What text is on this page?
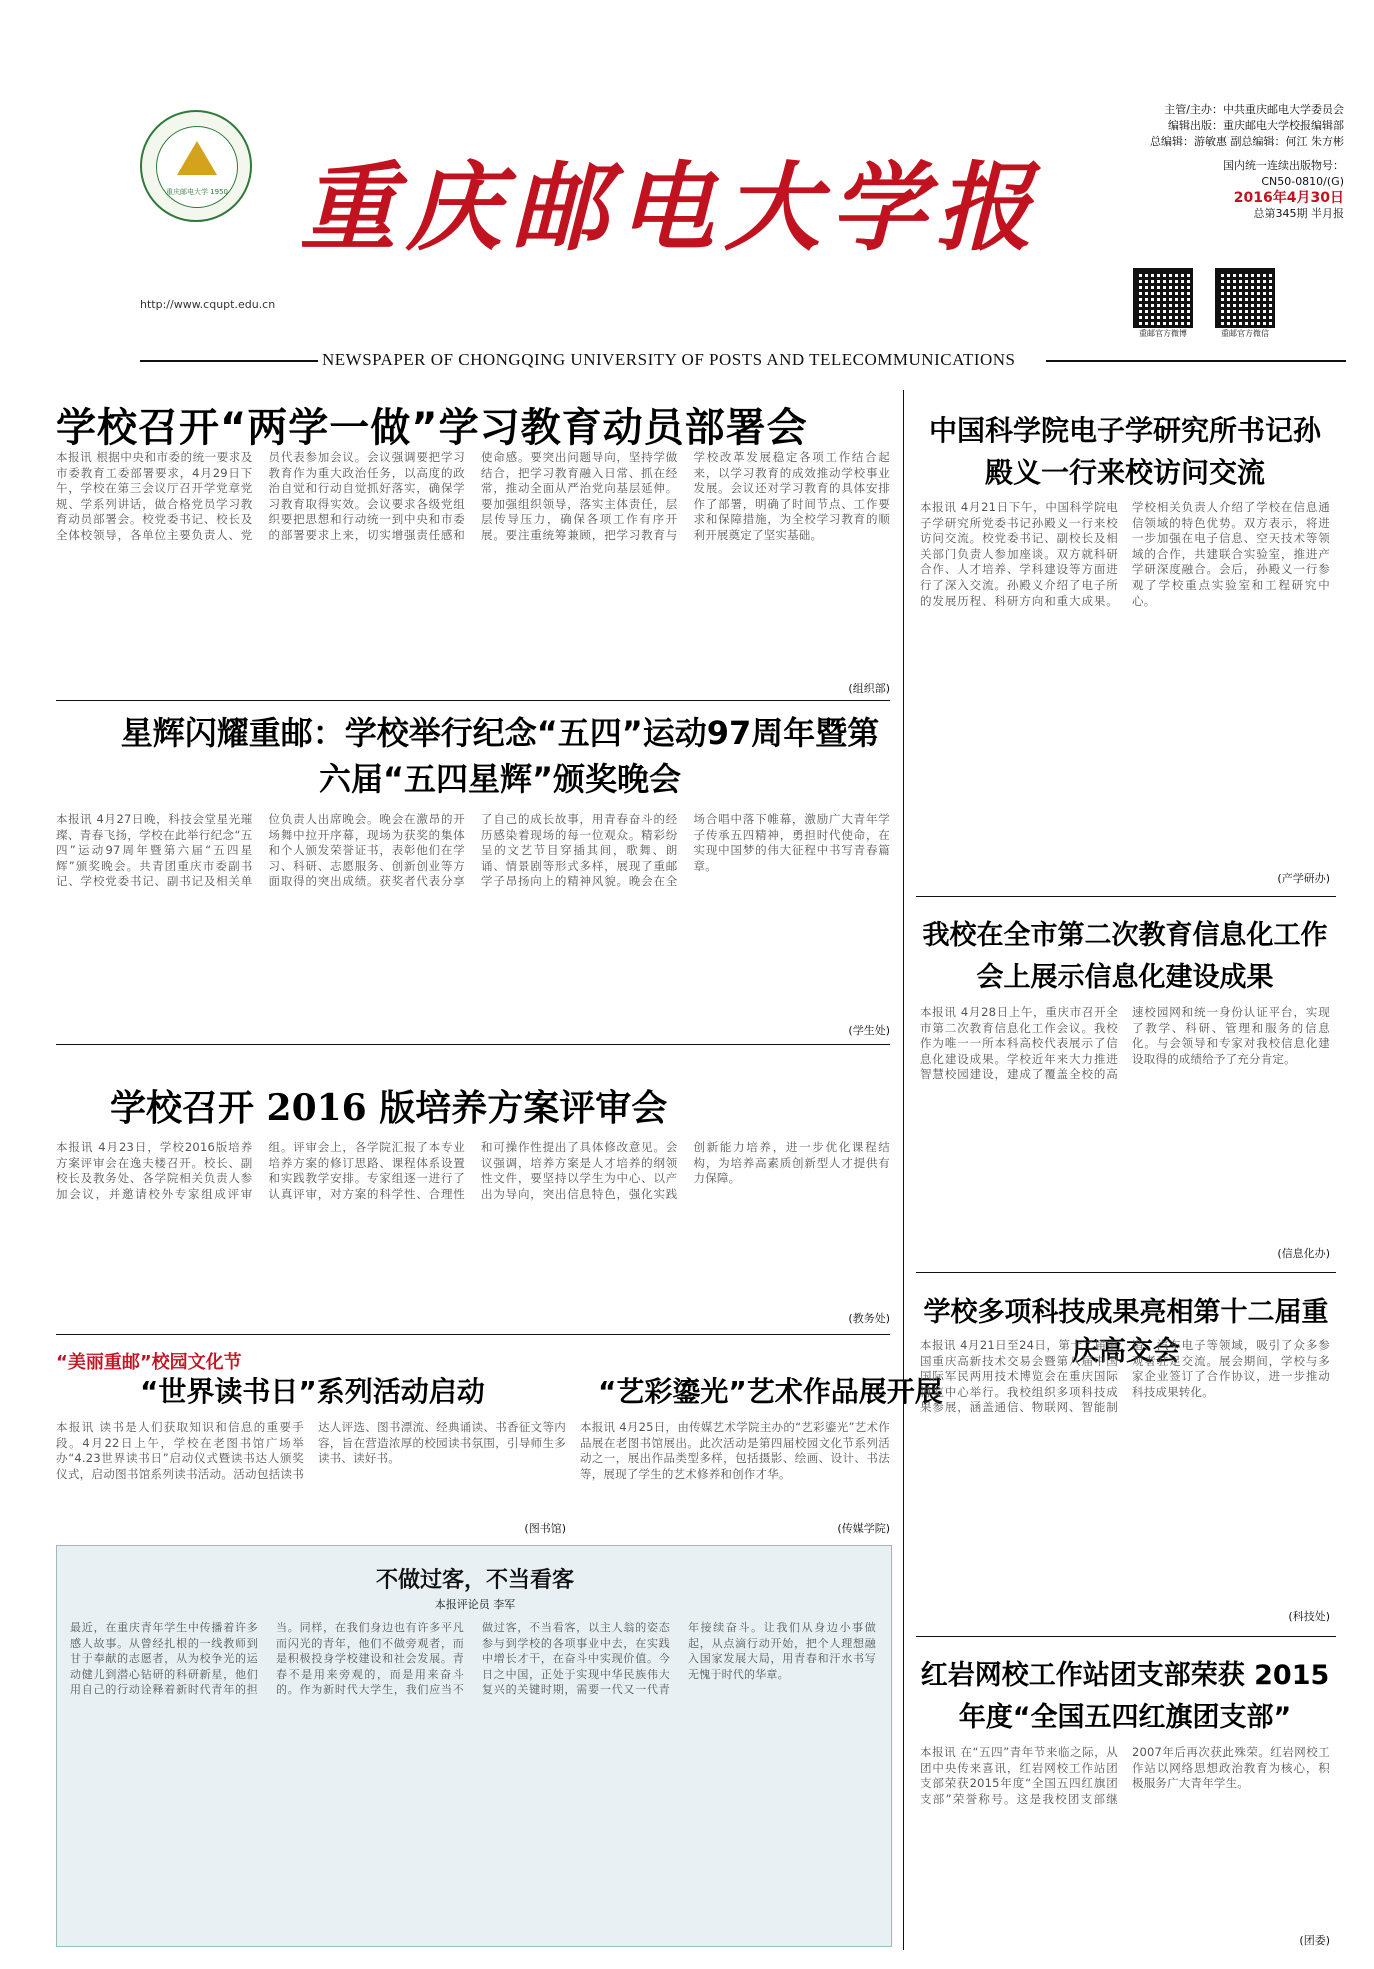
重庆邮电大学 1950 重庆邮电大学报
http://www.cqupt.edu.cn
主管/主办：中共重庆邮电大学委员会
编辑出版：重庆邮电大学校报编辑部
总编辑：游敏惠 副总编辑：何江 朱方彬
国内统一连续出版物号：
CN50-0810/(G)
2016年4月30日
总第345期 半月报
重邮官方微博	重邮官方微信
NEWSPAPER OF CHONGQING UNIVERSITY OF POSTS AND TELECOMMUNICATIONS
学校召开“两学一做”学习教育动员部署会
本报讯 根据中央和市委的统一要求及市委教育工委部署要求，4月29日下午，学校在第三会议厅召开学党章党规、学系列讲话，做合格党员学习教育动员部署会。校党委书记、校长及全体校领导，各单位主要负责人、党员代表参加会议。会议强调要把学习教育作为重大政治任务，以高度的政治自觉和行动自觉抓好落实，确保学习教育取得实效。会议要求各级党组织要把思想和行动统一到中央和市委的部署要求上来，切实增强责任感和使命感。要突出问题导向，坚持学做结合，把学习教育融入日常、抓在经常，推动全面从严治党向基层延伸。要加强组织领导，落实主体责任，层层传导压力，确保各项工作有序开展。要注重统筹兼顾，把学习教育与学校改革发展稳定各项工作结合起来，以学习教育的成效推动学校事业发展。会议还对学习教育的具体安排作了部署，明确了时间节点、工作要求和保障措施，为全校学习教育的顺利开展奠定了坚实基础。
(组织部)
星辉闪耀重邮：学校举行纪念“五四”运动97周年暨第六届“五四星辉”颁奖晚会
本报讯 4月27日晚，科技会堂星光璀璨、青春飞扬，学校在此举行纪念“五四”运动97周年暨第六届“五四星辉”颁奖晚会。共青团重庆市委副书记、学校党委书记、副书记及相关单位负责人出席晚会。晚会在激昂的开场舞中拉开序幕，现场为获奖的集体和个人颁发荣誉证书，表彰他们在学习、科研、志愿服务、创新创业等方面取得的突出成绩。获奖者代表分享了自己的成长故事，用青春奋斗的经历感染着现场的每一位观众。精彩纷呈的文艺节目穿插其间，歌舞、朗诵、情景剧等形式多样，展现了重邮学子昂扬向上的精神风貌。晚会在全场合唱中落下帷幕，激励广大青年学子传承五四精神，勇担时代使命，在实现中国梦的伟大征程中书写青春篇章。
(学生处)
学校召开 2016 版培养方案评审会
本报讯 4月23日，学校2016版培养方案评审会在逸夫楼召开。校长、副校长及教务处、各学院相关负责人参加会议，并邀请校外专家组成评审组。评审会上，各学院汇报了本专业培养方案的修订思路、课程体系设置和实践教学安排。专家组逐一进行了认真评审，对方案的科学性、合理性和可操作性提出了具体修改意见。会议强调，培养方案是人才培养的纲领性文件，要坚持以学生为中心、以产出为导向，突出信息特色，强化实践创新能力培养，进一步优化课程结构，为培养高素质创新型人才提供有力保障。
(教务处)
“美丽重邮”校园文化节
“世界读书日”系列活动启动	“艺彩鎏光”艺术作品展开展
本报讯 读书是人们获取知识和信息的重要手段。4月22日上午，学校在老图书馆广场举办“4.23世界读书日”启动仪式暨读书达人颁奖仪式，启动图书馆系列读书活动。活动包括读书达人评选、图书漂流、经典诵读、书香征文等内容，旨在营造浓厚的校园读书氛围，引导师生多读书、读好书。
(图书馆)
本报讯 4月25日，由传媒艺术学院主办的“艺彩鎏光”艺术作品展在老图书馆展出。此次活动是第四届校园文化节系列活动之一，展出作品类型多样，包括摄影、绘画、设计、书法等，展现了学生的艺术修养和创作才华。
(传媒学院)
不做过客，不当看客
本报评论员 李军
最近，在重庆青年学生中传播着许多感人故事。从曾经扎根的一线教师到甘于奉献的志愿者，从为校争光的运动健儿到潜心钻研的科研新星，他们用自己的行动诠释着新时代青年的担当。同样，在我们身边也有许多平凡而闪光的青年，他们不做旁观者，而是积极投身学校建设和社会发展。青春不是用来旁观的，而是用来奋斗的。作为新时代大学生，我们应当不做过客，不当看客，以主人翁的姿态参与到学校的各项事业中去，在实践中增长才干，在奋斗中实现价值。今日之中国，正处于实现中华民族伟大复兴的关键时期，需要一代又一代青年接续奋斗。让我们从身边小事做起，从点滴行动开始，把个人理想融入国家发展大局，用青春和汗水书写无愧于时代的华章。
中国科学院电子学研究所书记孙殿义一行来校访问交流
本报讯 4月21日下午，中国科学院电子学研究所党委书记孙殿义一行来校访问交流。校党委书记、副校长及相关部门负责人参加座谈。双方就科研合作、人才培养、学科建设等方面进行了深入交流。孙殿义介绍了电子所的发展历程、科研方向和重大成果。学校相关负责人介绍了学校在信息通信领域的特色优势。双方表示，将进一步加强在电子信息、空天技术等领域的合作，共建联合实验室，推进产学研深度融合。会后，孙殿义一行参观了学校重点实验室和工程研究中心。
(产学研办)
我校在全市第二次教育信息化工作会上展示信息化建设成果
本报讯 4月28日上午，重庆市召开全市第二次教育信息化工作会议。我校作为唯一一所本科高校代表展示了信息化建设成果。学校近年来大力推进智慧校园建设，建成了覆盖全校的高速校园网和统一身份认证平台，实现了教学、科研、管理和服务的信息化。与会领导和专家对我校信息化建设取得的成绩给予了充分肯定。
(信息化办)
学校多项科技成果亮相第十二届重庆高交会
本报讯 4月21日至24日，第十二届中国重庆高新技术交易会暨第八届中国国际军民两用技术博览会在重庆国际博览中心举行。我校组织多项科技成果参展，涵盖通信、物联网、智能制造、汽车电子等领域，吸引了众多参观者驻足交流。展会期间，学校与多家企业签订了合作协议，进一步推动科技成果转化。
(科技处)
红岩网校工作站团支部荣获 2015 年度“全国五四红旗团支部”
本报讯 在“五四”青年节来临之际，从团中央传来喜讯，红岩网校工作站团支部荣获2015年度“全国五四红旗团支部”荣誉称号。这是我校团支部继2007年后再次获此殊荣。红岩网校工作站以网络思想政治教育为核心，积极服务广大青年学生。
(团委)
